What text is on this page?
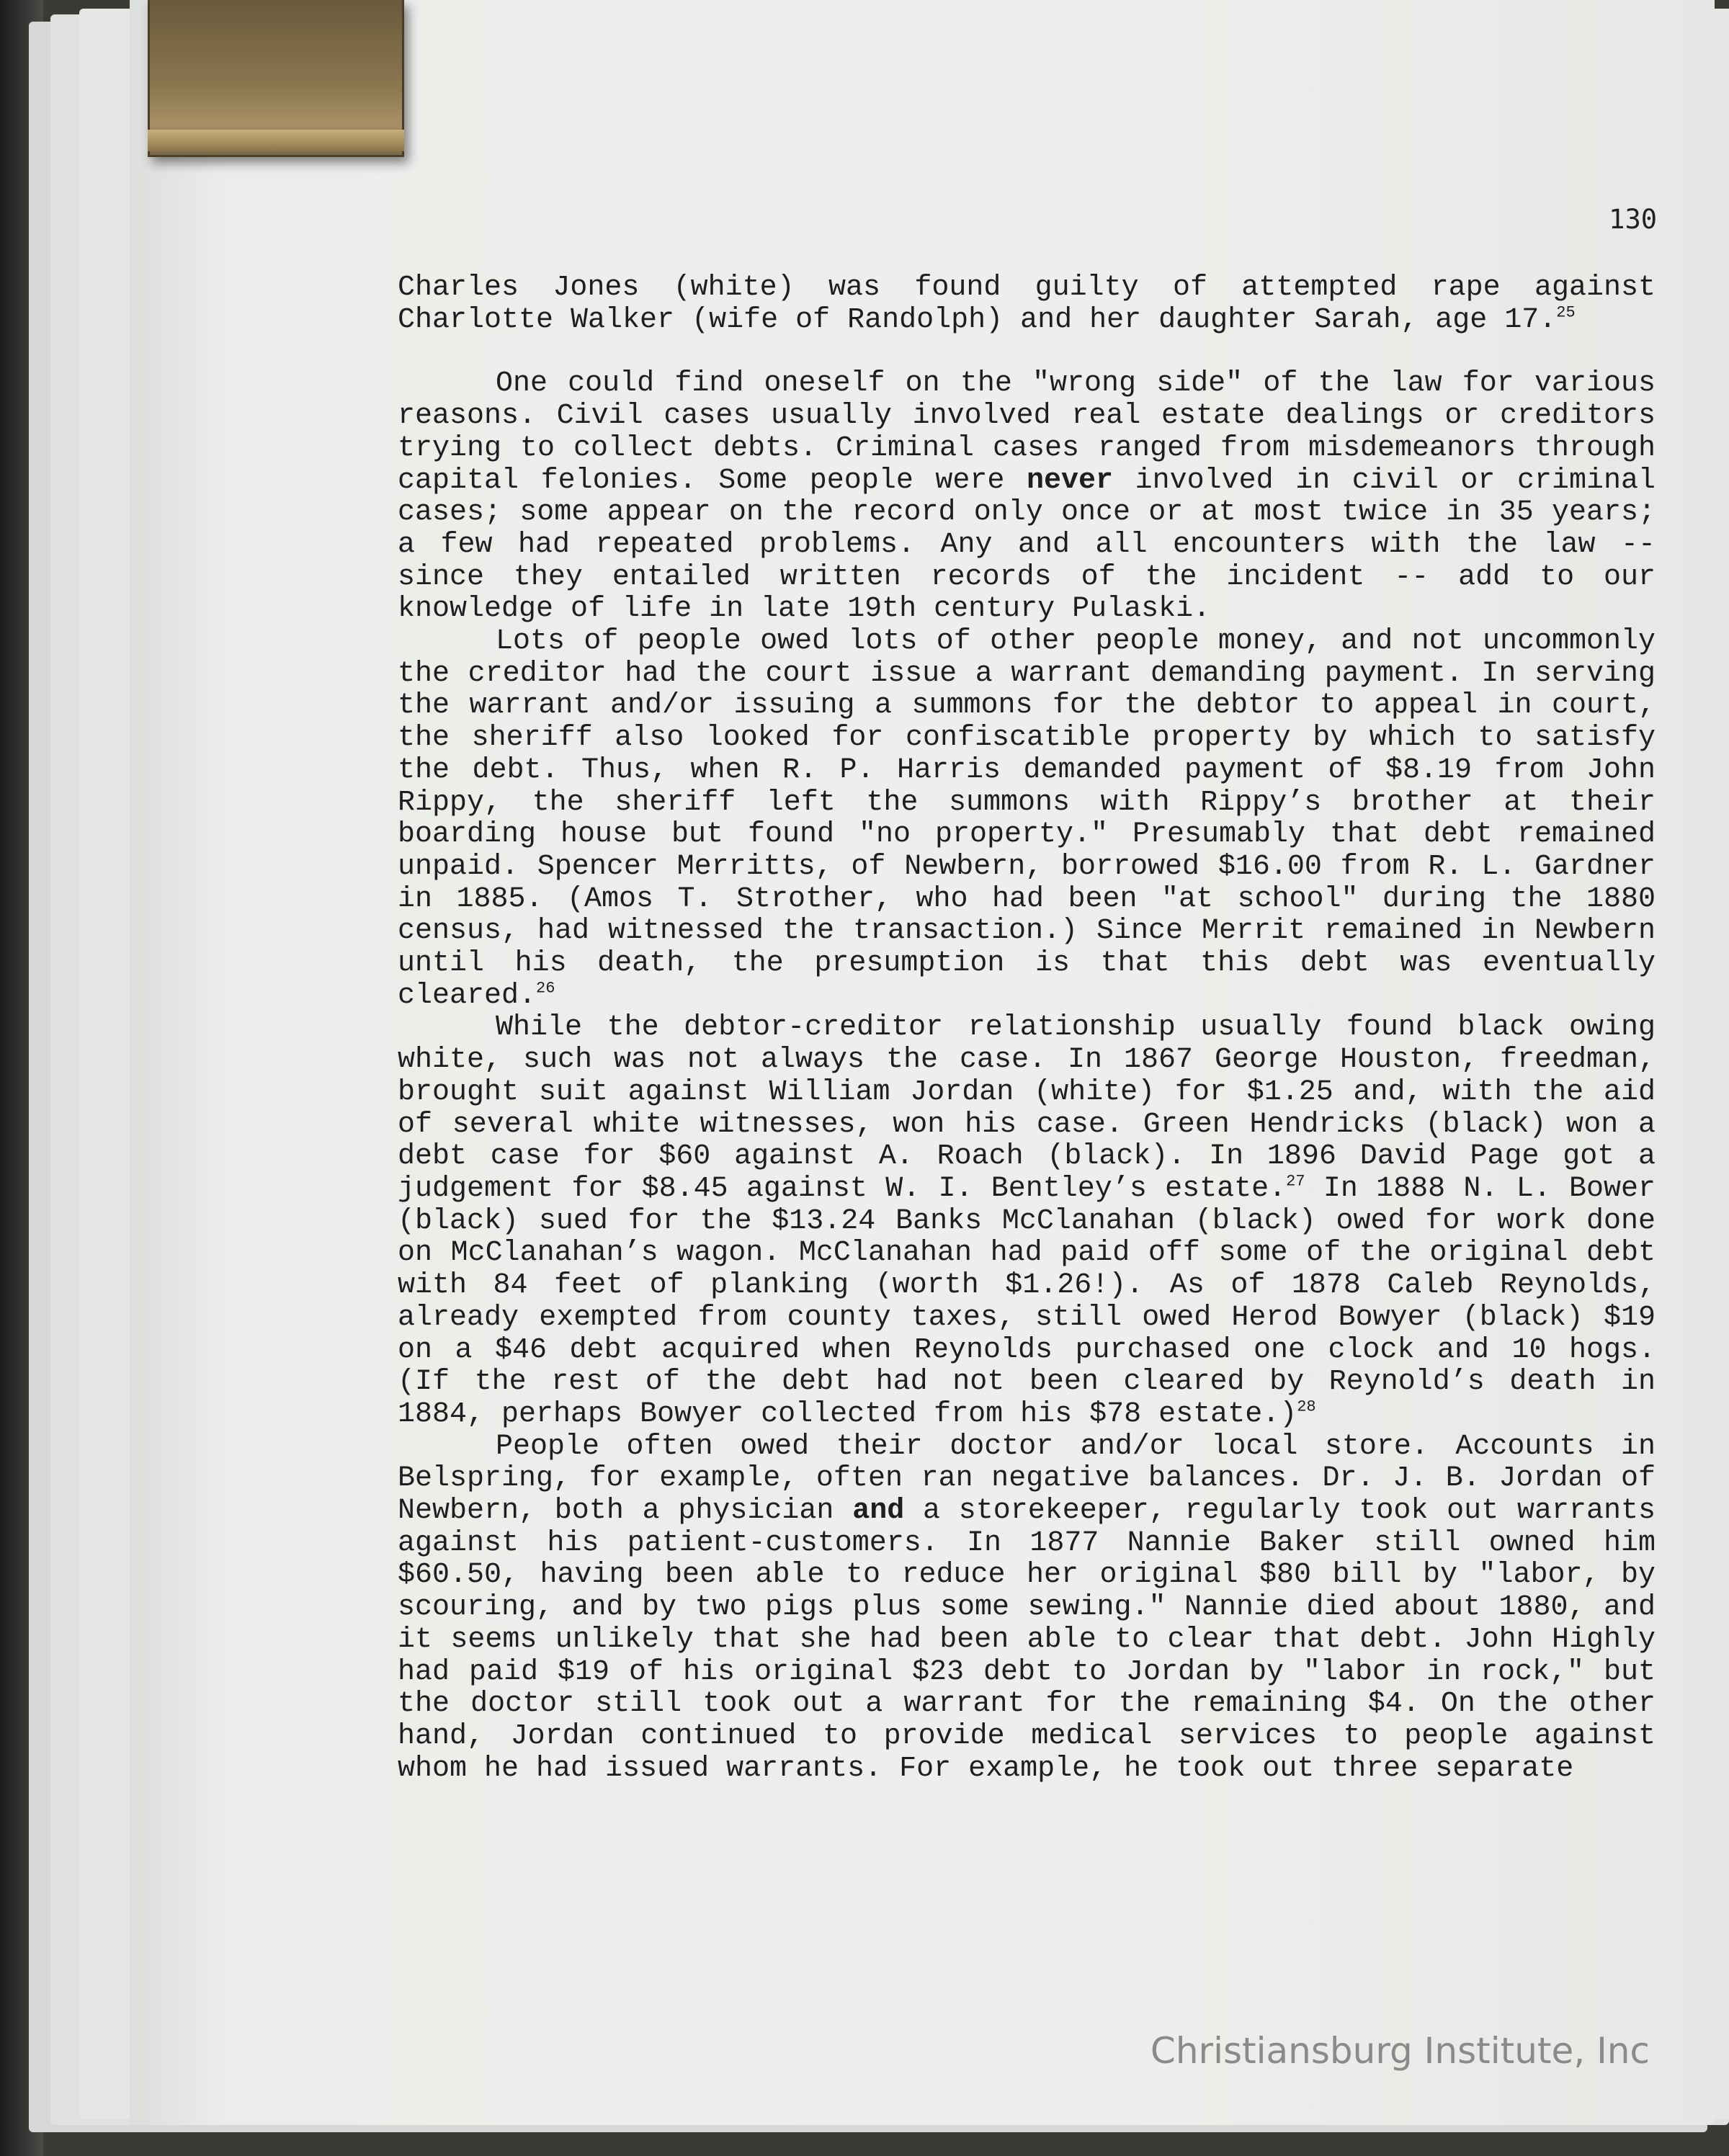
130

Charles Jones (white) was found guilty of attempted rape against Charlotte Walker (wife of Randolph) and her daughter Sarah, age 17.25

One could find oneself on the "wrong side" of the law for various reasons. Civil cases usually involved real estate dealings or creditors trying to collect debts. Criminal cases ranged from misdemeanors through capital felonies. Some people were never involved in civil or criminal cases; some appear on the record only once or at most twice in 35 years; a few had repeated problems. Any and all encounters with the law -- since they entailed written records of the incident -- add to our knowledge of life in late 19th century Pulaski.

Lots of people owed lots of other people money, and not uncommonly the creditor had the court issue a warrant demanding payment. In serving the warrant and/or issuing a summons for the debtor to appeal in court, the sheriff also looked for confiscatible property by which to satisfy the debt. Thus, when R. P. Harris demanded payment of $8.19 from John Rippy, the sheriff left the summons with Rippy’s brother at their boarding house but found "no property." Presumably that debt remained unpaid. Spencer Merritts, of Newbern, borrowed $16.00 from R. L. Gardner in 1885. (Amos T. Strother, who had been "at school" during the 1880 census, had witnessed the transaction.) Since Merrit remained in Newbern until his death, the presumption is that this debt was eventually cleared.$^{26}$

While the debtor-creditor relationship usually found black owing white, such was not always the case. In 1867 George Houston, freedman, brought suit against William Jordan (white) for $1.25 and, with the aid of several white witnesses, won his case. Green Hendricks (black) won a debt case for $60 against A. Roach (black). In 1896 David Page got a judgement for $8.45 against W. I. Bentley’s estate.$^{27}$ In 1888 N. L. Bower (black) sued for the $13.24 Banks McClanahan (black) owed for work done on McClanahan’s wagon. McClanahan had paid off some of the original debt with 84 feet of planking (worth $1.26!). As of 1878 Caleb Reynolds, already exempted from county taxes, still owed Herod Bowyer (black) $19 on a $46 debt acquired when Reynolds purchased one clock and 10 hogs. (If the rest of the debt had not been cleared by Reynold’s death in 1884, perhaps Bowyer collected from his $78 estate.)$^{28}$

People often owed their doctor and/or local store. Accounts in Belspring, for example, often ran negative balances. Dr. J. B. Jordan of Newbern, both a physician and a storekeeper, regularly took out warrants against his patient-customers. In 1877 Nannie Baker still owned him $60.50, having been able to reduce her original $80 bill by "labor, by scouring, and by two pigs plus some sewing." Nannie died about 1880, and it seems unlikely that she had been able to clear that debt. John Highly had paid $19 of his original $23 debt to Jordan by "labor in rock," but the doctor still took out a warrant for the remaining $4. On the other hand, Jordan continued to provide medical services to people against whom he had issued warrants. For example, he took out three separate

Christiansburg Institute, Inc
